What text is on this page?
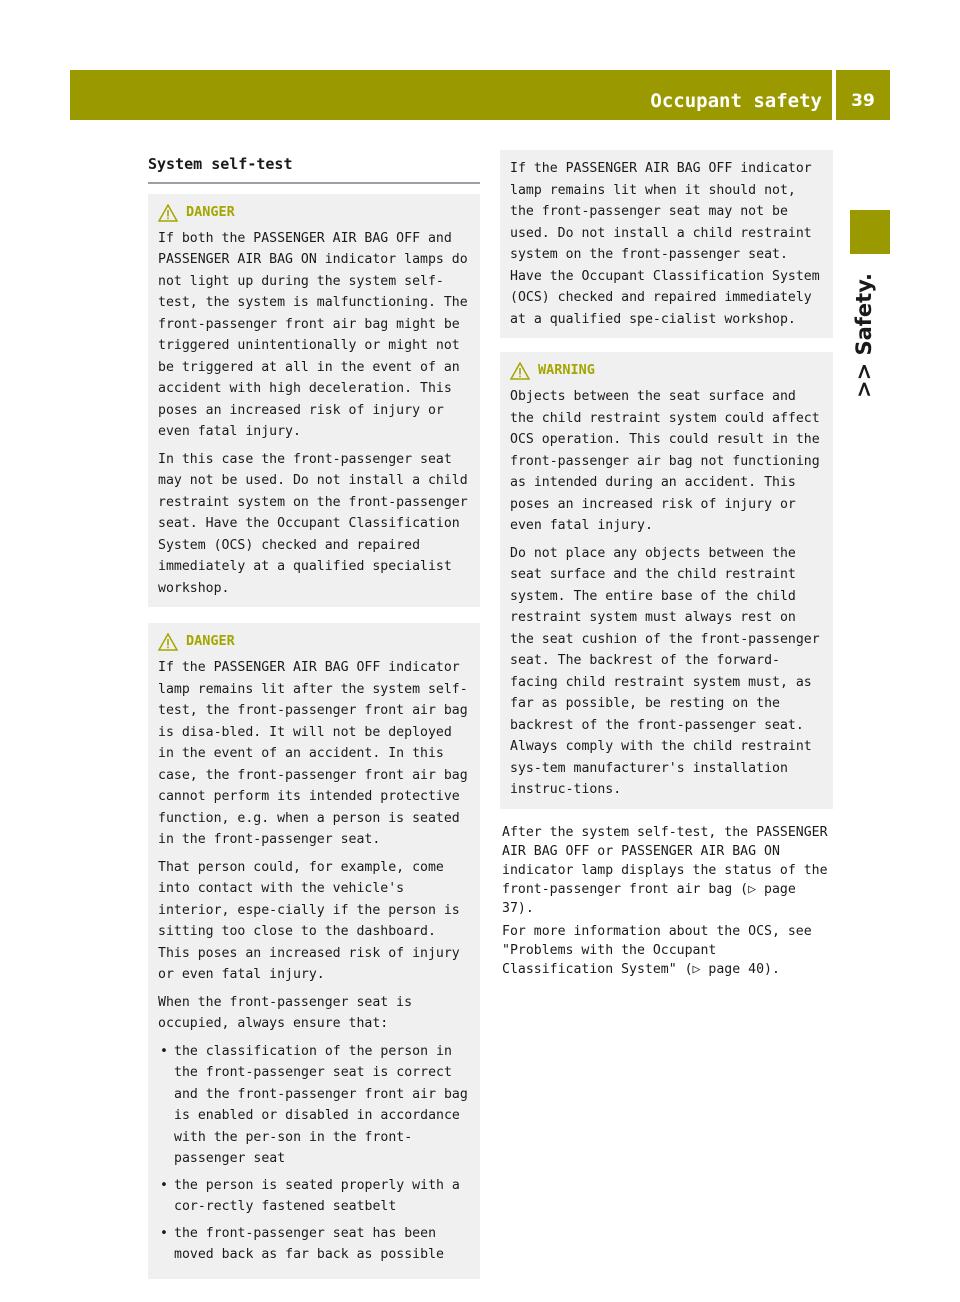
Occupant safety	39
>> Safety.
System self-test
DANGER

If both the PASSENGER AIR BAG OFF and PASSENGER AIR BAG ON indicator lamps do not light up during the system self-test, the system is malfunctioning. The front-passenger front air bag might be triggered unintentionally or might not be triggered at all in the event of an accident with high deceleration. This poses an increased risk of injury or even fatal injury.

In this case the front-passenger seat may not be used. Do not install a child restraint system on the front-passenger seat. Have the Occupant Classification System (OCS) checked and repaired immediately at a qualified specialist workshop.

DANGER

If the PASSENGER AIR BAG OFF indicator lamp remains lit after the system self-test, the front-passenger front air bag is disa-bled. It will not be deployed in the event of an accident. In this case, the front-passenger front air bag cannot perform its intended protective function, e.g. when a person is seated in the front-passenger seat.

That person could, for example, come into contact with the vehicle's interior, espe-cially if the person is sitting too close to the dashboard. This poses an increased risk of injury or even fatal injury.

When the front-passenger seat is occupied, always ensure that:

• the classification of the person in the front-passenger seat is correct and the front-passenger front air bag is enabled or disabled in accordance with the per-son in the front-passenger seat
• the person is seated properly with a cor-rectly fastened seatbelt
• the front-passenger seat has been moved back as far back as possible

If the PASSENGER AIR BAG OFF indicator lamp remains lit when it should not, the front-passenger seat may not be used. Do not install a child restraint system on the front-passenger seat. Have the Occupant Classification System (OCS) checked and repaired immediately at a qualified spe-cialist workshop.

WARNING

Objects between the seat surface and the child restraint system could affect OCS operation. This could result in the front-passenger air bag not functioning as intended during an accident. This poses an increased risk of injury or even fatal injury.

Do not place any objects between the seat surface and the child restraint system. The entire base of the child restraint system must always rest on the seat cushion of the front-passenger seat. The backrest of the forward-facing child restraint system must, as far as possible, be resting on the backrest of the front-passenger seat. Always comply with the child restraint sys-tem manufacturer's installation instruc-tions.

After the system self-test, the PASSENGER AIR BAG OFF or PASSENGER AIR BAG ON indicator lamp displays the status of the front-passenger front air bag (▷ page 37).

For more information about the OCS, see "Problems with the Occupant Classification System" (▷ page 40).
